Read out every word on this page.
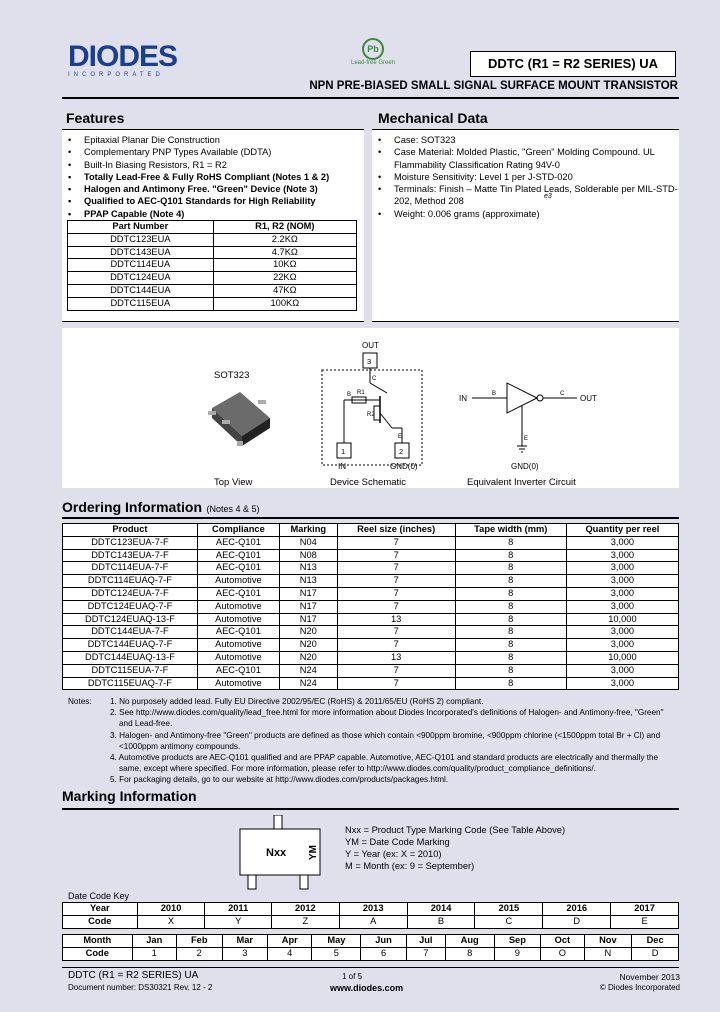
DIODES
INCORPORATED
Pb
Lead-free Green	DDTC (R1 = R2 SERIES) UA
NPN PRE-BIASED SMALL SIGNAL SURFACE MOUNT TRANSISTOR
Features
• Epitaxial Planar Die Construction
• Complementary PNP Types Available (DDTA)
• Built-In Biasing Resistors, R1 = R2
• Totally Lead-Free & Fully RoHS Compliant (Notes 1 & 2)
• Halogen and Antimony Free. "Green" Device (Note 3)
• Qualified to AEC-Q101 Standards for High Reliability
• PPAP Capable (Note 4)
Part Number	R1, R2 (NOM)
DDTC123EUA	2.2KΩ
DDTC143EUA	4.7KΩ
DDTC114EUA	10KΩ
DDTC124EUA	22KΩ
DDTC144EUA	47KΩ
DDTC115EUA	100KΩ
Mechanical Data
• Case: SOT323
• Case Material: Molded Plastic, "Green" Molding Compound. UL Flammability Classification Rating 94V-0
• Moisture Sensitivity: Level 1 per J-STD-020
• Terminals: Finish – Matte Tin Plated Leads, Solderable per MIL-STD-202, Method 208
• Weight: 0.006 grams (approximate)
e3
SOT323
Top View
OUT
3
C
E
R1
B
R2
1	2
IN	GND(0)
Device Schematic
IN	B	C OUT
E
GND(0)
Equivalent Inverter Circuit
Ordering Information (Notes 4 & 5)
Product	Compliance	Marking	Reel size (inches)	Tape width (mm)	Quantity per reel
DDTC123EUA-7-F	AEC-Q101	N04	7	8	3,000
DDTC143EUA-7-F	AEC-Q101	N08	7	8	3,000
DDTC114EUA-7-F	AEC-Q101	N13	7	8	3,000
DDTC114EUAQ-7-F	Automotive	N13	7	8	3,000
DDTC124EUA-7-F	AEC-Q101	N17	7	8	3,000
DDTC124EUAQ-7-F	Automotive	N17	7	8	3,000
DDTC124EUAQ-13-F	Automotive	N17	13	8	10,000
DDTC144EUA-7-F	AEC-Q101	N20	7	8	3,000
DDTC144EUAQ-7-F	Automotive	N20	7	8	3,000
DDTC144EUAQ-13-F	Automotive	N20	13	8	10,000
DDTC115EUA-7-F	AEC-Q101	N24	7	8	3,000
DDTC115EUAQ-7-F	Automotive	N24	7	8	3,000
Notes: 1. No purposely added lead. Fully EU Directive 2002/95/EC (RoHS) & 2011/65/EU (RoHS 2) compliant.
2. See http://www.diodes.com/quality/lead_free.html for more information about Diodes Incorporated's definitions of Halogen- and Antimony-free, "Green"
and Lead-free.
3. Halogen- and Antimony-free "Green" products are defined as those which contain <900ppm bromine, <900ppm chlorine (<1500ppm total Br + Cl) and
<1000ppm antimony compounds.
4. Automotive products are AEC-Q101 qualified and are PPAP capable. Automotive, AEC-Q101 and standard products are electrically and thermally the
same, except where specified. For more information, please refer to http://www.diodes.com/quality/product_compliance_definitions/.
5. For packaging details, go to our website at http://www.diodes.com/products/packages.html.
Marking Information
Nxx YM
Nxx = Product Type Marking Code (See Table Above)
YM = Date Code Marking
Y = Year (ex: X = 2010)
M = Month (ex: 9 = September)
Date Code Key
Year	2010	2011	2012	2013	2014	2015	2016	2017
Code	X	Y	Z	A	B	C	D	E
Month	Jan	Feb	Mar	Apr	May	Jun	Jul	Aug	Sep	Oct	Nov	Dec
Code	1	2	3	4	5	6	7	8	9	O	N	D
DDTC (R1 = R2 SERIES) UA
Document number: DS30321 Rev. 12 - 2
1 of 5
www.diodes.com
November 2013
© Diodes Incorporated
